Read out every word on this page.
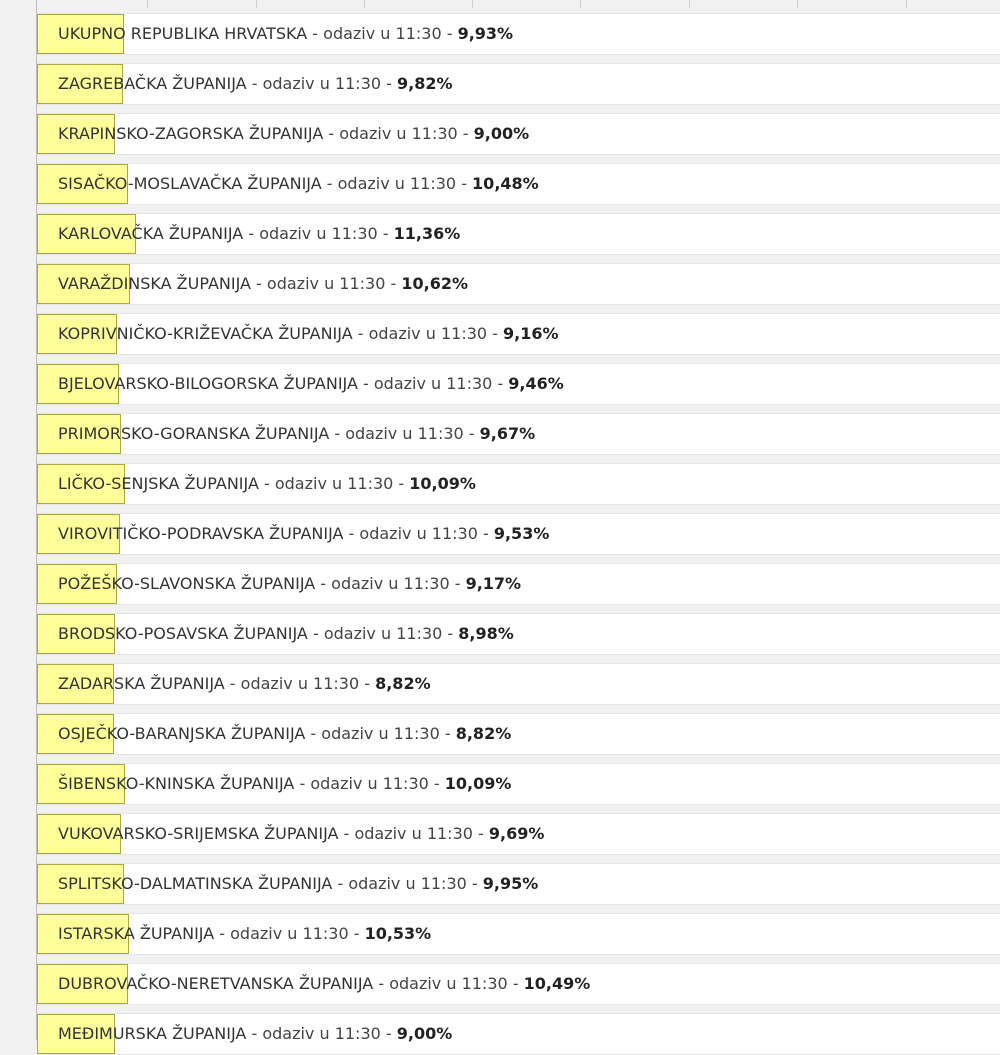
UKUPNO REPUBLIKA HRVATSKA - odaziv u 11:30 - 9,93%
ZAGREBAČKA ŽUPANIJA - odaziv u 11:30 - 9,82%
KRAPINSKO-ZAGORSKA ŽUPANIJA - odaziv u 11:30 - 9,00%
SISAČKO-MOSLAVAČKA ŽUPANIJA - odaziv u 11:30 - 10,48%
KARLOVAČKA ŽUPANIJA - odaziv u 11:30 - 11,36%
VARAŽDINSKA ŽUPANIJA - odaziv u 11:30 - 10,62%
KOPRIVNIČKO-KRIŽEVAČKA ŽUPANIJA - odaziv u 11:30 - 9,16%
BJELOVARSKO-BILOGORSKA ŽUPANIJA - odaziv u 11:30 - 9,46%
PRIMORSKO-GORANSKA ŽUPANIJA - odaziv u 11:30 - 9,67%
LIČKO-SENJSKA ŽUPANIJA - odaziv u 11:30 - 10,09%
VIROVITIČKO-PODRAVSKA ŽUPANIJA - odaziv u 11:30 - 9,53%
POŽEŠKO-SLAVONSKA ŽUPANIJA - odaziv u 11:30 - 9,17%
BRODSKO-POSAVSKA ŽUPANIJA - odaziv u 11:30 - 8,98%
ZADARSKA ŽUPANIJA - odaziv u 11:30 - 8,82%
OSJEČKO-BARANJSKA ŽUPANIJA - odaziv u 11:30 - 8,82%
ŠIBENSKO-KNINSKA ŽUPANIJA - odaziv u 11:30 - 10,09%
VUKOVARSKO-SRIJEMSKA ŽUPANIJA - odaziv u 11:30 - 9,69%
SPLITSKO-DALMATINSKA ŽUPANIJA - odaziv u 11:30 - 9,95%
ISTARSKA ŽUPANIJA - odaziv u 11:30 - 10,53%
DUBROVAČKO-NERETVANSKA ŽUPANIJA - odaziv u 11:30 - 10,49%
MEĐIMURSKA ŽUPANIJA - odaziv u 11:30 - 9,00%
